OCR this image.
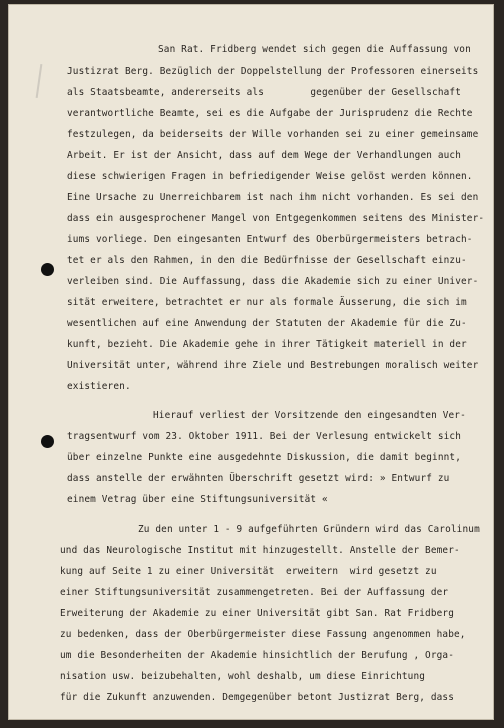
San Rat. Fridberg wendet sich gegen die Auffassung von
Justizrat Berg. Bezüglich der Doppelstellung der Professoren einerseits
als Staatsbeamte, andererseits als        gegenüber der Gesellschaft
verantwortliche Beamte, sei es die Aufgabe der Jurisprudenz die Rechte
festzulegen, da beiderseits der Wille vorhanden sei zu einer gemeinsame
Arbeit. Er ist der Ansicht, dass auf dem Wege der Verhandlungen auch
diese schwierigen Fragen in befriedigender Weise gelöst werden können.
Eine Ursache zu Unerreichbarem ist nach ihm nicht vorhanden. Es sei den
dass ein ausgesprochener Mangel von Entgegenkommen seitens des Minister-
iums vorliege. Den eingesanten Entwurf des Oberbürgermeisters betrach-
tet er als den Rahmen, in den die Bedürfnisse der Gesellschaft einzu-
verleiben sind. Die Auffassung, dass die Akademie sich zu einer Univer-
sität erweitere, betrachtet er nur als formale Äusserung, die sich im
wesentlichen auf eine Anwendung der Statuten der Akademie für die Zu-
kunft, bezieht. Die Akademie gehe in ihrer Tätigkeit materiell in der
Universität unter, während ihre Ziele und Bestrebungen moralisch weiter
existieren.
Hierauf verliest der Vorsitzende den eingesandten Ver-
tragsentwurf vom 23. Oktober 1911. Bei der Verlesung entwickelt sich
über einzelne Punkte eine ausgedehnte Diskussion, die damit beginnt,
dass anstelle der erwähnten Überschrift gesetzt wird: » Entwurf zu
einem Vetrag über eine Stiftungsuniversität «
Zu den unter 1 - 9 aufgeführten Gründern wird das Carolinum
und das Neurologische Institut mit hinzugestellt. Anstelle der Bemer-
kung auf Seite 1 zu einer Universität  erweitern  wird gesetzt zu
einer Stiftungsuniversität zusammengetreten. Bei der Auffassung der
Erweiterung der Akademie zu einer Universität gibt San. Rat Fridberg
zu bedenken, dass der Oberbürgermeister diese Fassung angenommen habe,
um die Besonderheiten der Akademie hinsichtlich der Berufung , Orga-
nisation usw. beizubehalten, wohl deshalb, um diese Einrichtung
für die Zukunft anzuwenden. Demgegenüber betont Justizrat Berg, dass
